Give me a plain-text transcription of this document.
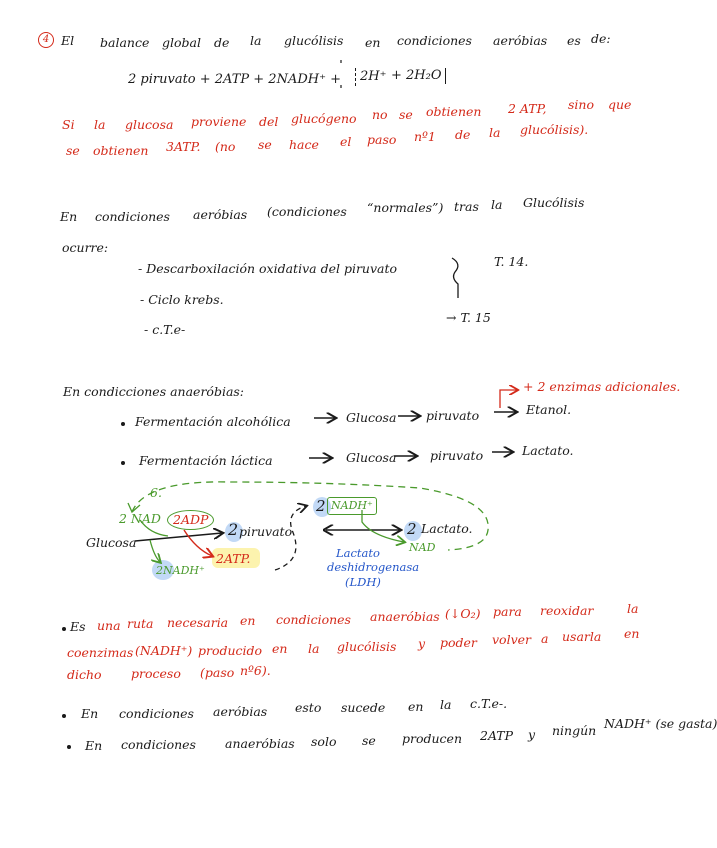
4 El balance global de la glucólisis en condiciones aeróbias es de:
2 piruvato + 2ATP + 2NADH⁺ +	2H⁺ + 2H₂O
Si la glucosa proviene del glucógeno no se obtienen 2 ATP, sino que
se obtienen 3ATP. (no se hace el paso nº1 de la glucólisis).
En condiciones aeróbias (condiciones “normales”) tras la Glucólisis
ocurre:
- Descarboxilación oxidativa del piruvato
- Ciclo krebs.
- c.T.e-
T. 14.
→ T. 15
En condicciones anaeróbias:
Fermentación alcohólica	Glucosa piruvato	Etanol.
+ 2 enzimas adicionales.
Fermentación láctica	Glucosa	piruvato	Lactato.
6.
2 NAD 2ADP
Glucosa
2 piruvato
2ATP.
2NADH⁺
2 NADH⁺
NAD
2 Lactato.
Lactato
deshidrogenasa
(LDH)
Es una ruta necesaria en condiciones anaeróbias (↓O₂) para reoxidar	la
coenzimas (NADH⁺) producido en la glucólisis y poder volver a usarla en
dicho proceso (paso nº6).
En condiciones aeróbias esto sucede en la c.T.e-.
En condiciones anaeróbias solo se producen 2ATP y ningún NADH⁺ (se gasta)
